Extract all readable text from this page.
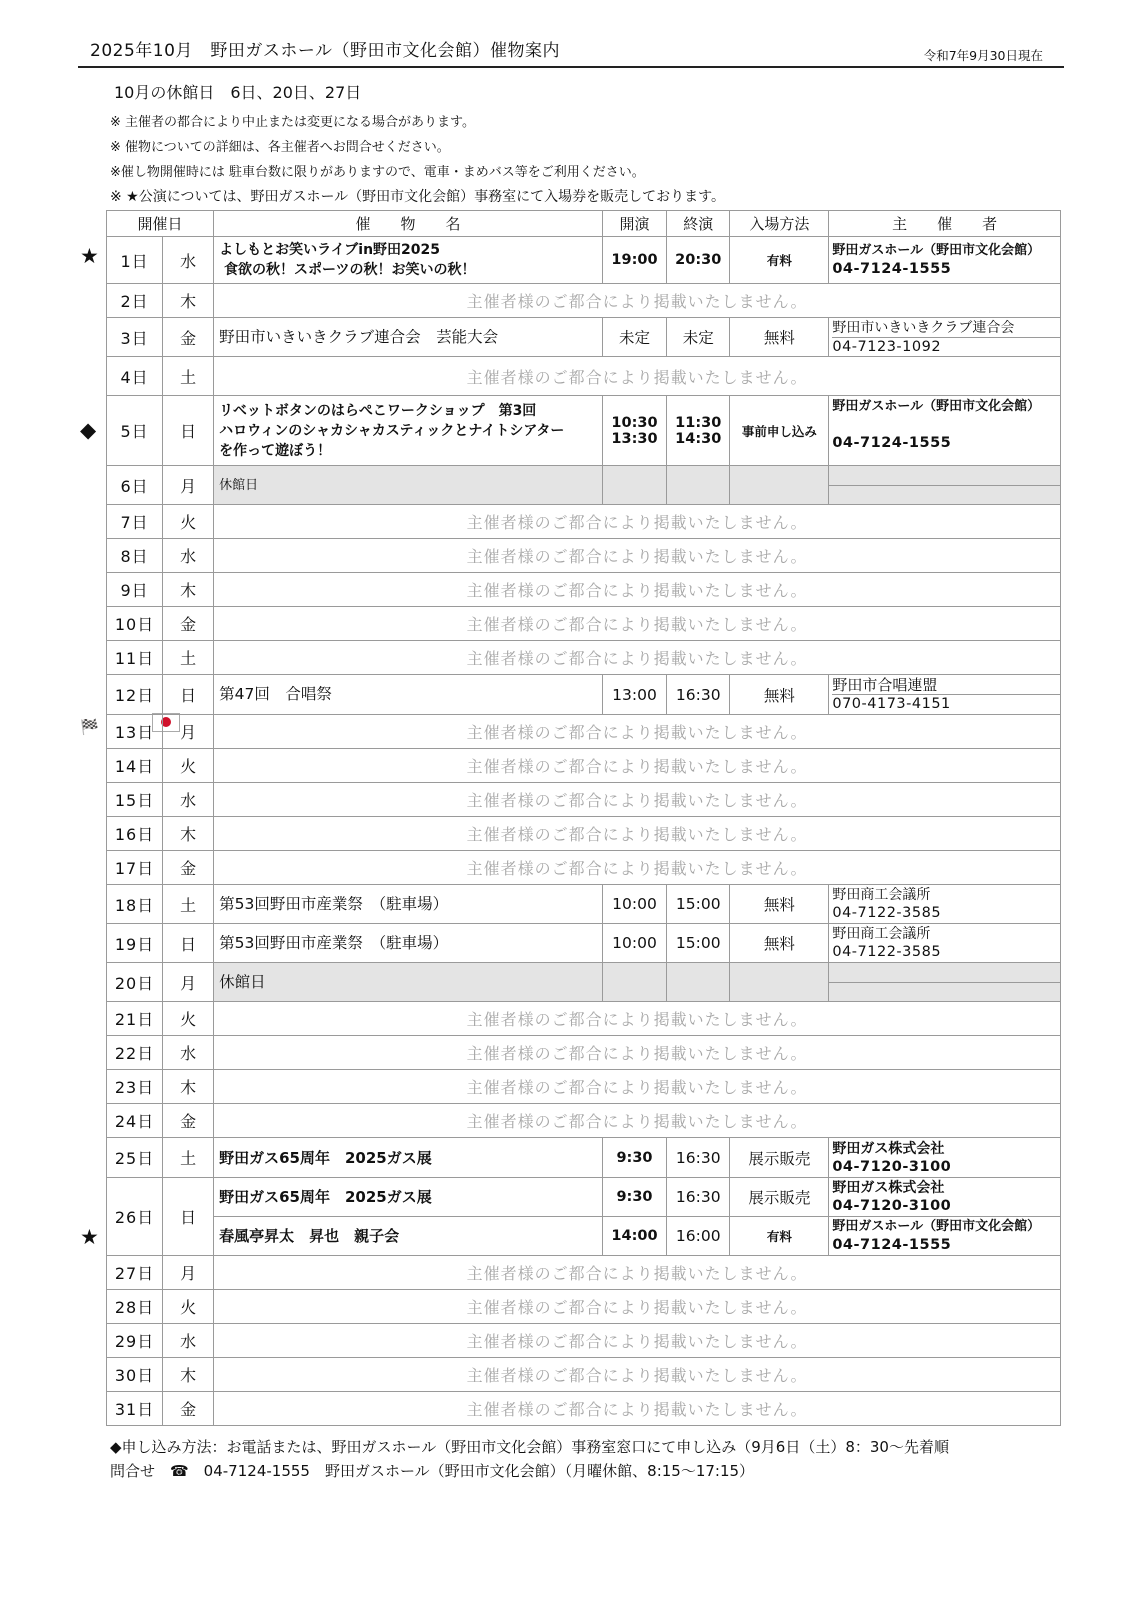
2025年10月　野田ガスホール（野田市文化会館）催物案内	令和7年9月30日現在
10月の休館日　6日、20日、27日
※ 主催者の都合により中止または変更になる場合があります。
※ 催物についての詳細は、各主催者へお問合せください。
※催し物開催時には 駐車台数に限りがありますので、電車・まめバス等をご利用ください。
※ ★公演については、野田ガスホール（野田市文化会館）事務室にて入場券を販売しております。
★
◆
🏁
★
開催日		催　　物　　名	開演	終演	入場方法	主　　催　　者
1日	水	よしもとお笑いライブin野田2025
食欲の秋！スポーツの秋！お笑いの秋！	19:00	20:30	有料	野田ガスホール（野田市文化会館）
04-7124-1555
2日	木	主催者様のご都合により掲載いたしません。				
3日	金	野田市いきいきクラブ連合会　芸能大会	未定	未定	無料	野田市いきいきクラブ連合会
04-7123-1092

4日	土	主催者様のご都合により掲載いたしません。				
5日	日	リベットボタンのはらぺこワークショップ　第3回
ハロウィンのシャカシャカスティックとナイトシアター
を作って遊ぼう！	10:30
13:30	11:30
14:30	事前申し込み	野田ガスホール（野田市文化会館）

04-7124-1555
6日	月	休館日				

7日	火	主催者様のご都合により掲載いたしません。				
8日	水	主催者様のご都合により掲載いたしません。				
9日	木	主催者様のご都合により掲載いたしません。				
10日	金	主催者様のご都合により掲載いたしません。				
11日	土	主催者様のご都合により掲載いたしません。				
12日	日	第47回　合唱祭	13:00	16:30	無料	野田市合唱連盟
070-4173-4151

13日	月	主催者様のご都合により掲載いたしません。				
14日	火	主催者様のご都合により掲載いたしません。				
15日	水	主催者様のご都合により掲載いたしません。				
16日	木	主催者様のご都合により掲載いたしません。				
17日	金	主催者様のご都合により掲載いたしません。				
18日	土	第53回野田市産業祭　（駐車場）	10:00	15:00	無料	野田商工会議所
04-7122-3585
19日	日	第53回野田市産業祭　（駐車場）	10:00	15:00	無料	野田商工会議所
04-7122-3585
20日	月	休館日				

21日	火	主催者様のご都合により掲載いたしません。				
22日	水	主催者様のご都合により掲載いたしません。				
23日	木	主催者様のご都合により掲載いたしません。				
24日	金	主催者様のご都合により掲載いたしません。				
25日	土	野田ガス65周年　2025ガス展	9:30	16:30	展示販売	野田ガス株式会社
04-7120-3100
26日	日	野田ガス65周年　2025ガス展	9:30	16:30	展示販売	野田ガス株式会社
04-7120-3100
		春風亭昇太　昇也　親子会	14:00	16:00	有料	野田ガスホール（野田市文化会館）
04-7124-1555
27日	月	主催者様のご都合により掲載いたしません。				
28日	火	主催者様のご都合により掲載いたしません。				
29日	水	主催者様のご都合により掲載いたしません。				
30日	木	主催者様のご都合により掲載いたしません。				
31日	金	主催者様のご都合により掲載いたしません。				
◆申し込み方法：お電話または、野田ガスホール（野田市文化会館）事務室窓口にて申し込み（9月6日（土）8：30～先着順
問合せ　☎　04-7124-1555　野田ガスホール（野田市文化会館）（月曜休館、8:15～17:15）
